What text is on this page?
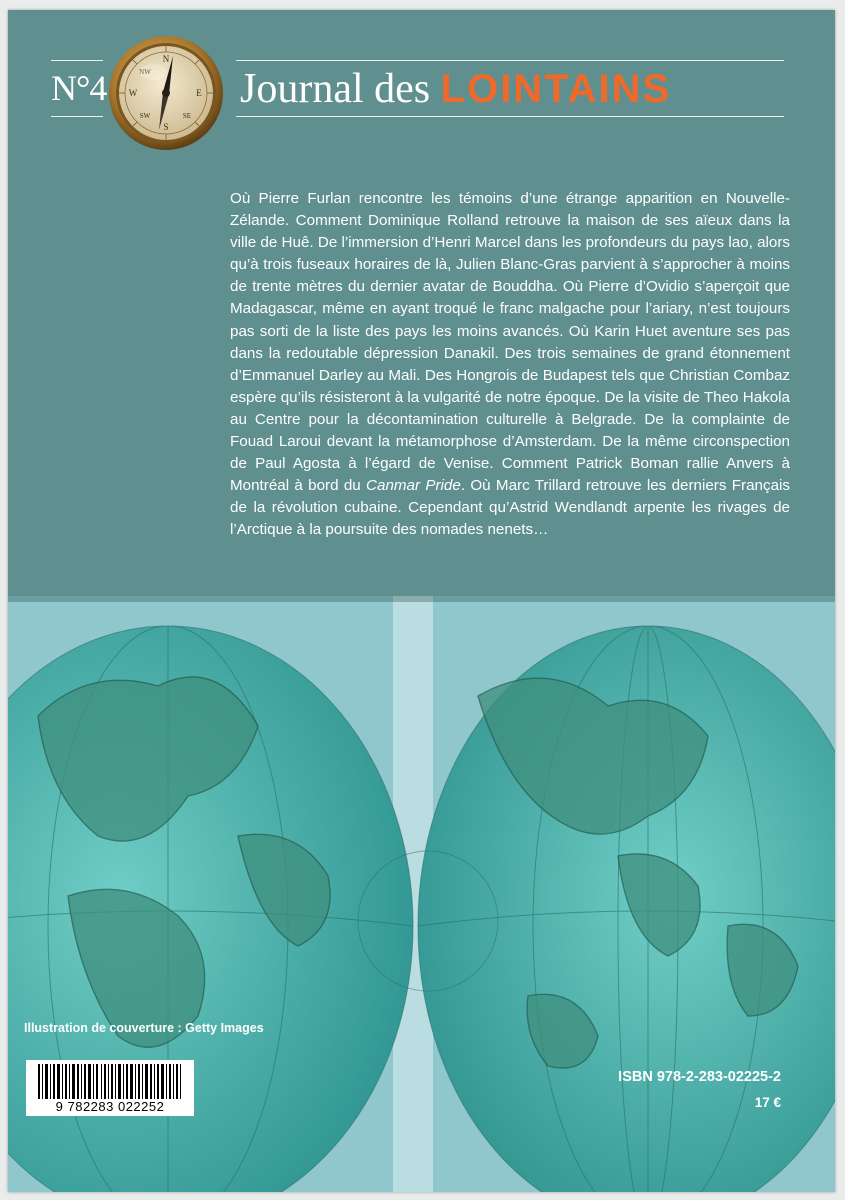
N°4
N
E
S
W
NW
SW	SE
Journal des LOINTAINS
Où Pierre Furlan rencontre les témoins d’une étrange apparition en Nouvelle-Zélande. Comment Dominique Rolland retrouve la maison de ses aïeux dans la ville de Huê. De l’immersion d’Henri Marcel dans les profondeurs du pays lao, alors qu’à trois fuseaux horaires de là, Julien Blanc-Gras parvient à s’approcher à moins de trente mètres du dernier avatar de Bouddha. Où Pierre d’Ovidio s’aperçoit que Madagascar, même en ayant troqué le franc malgache pour l’ariary, n’est toujours pas sorti de la liste des pays les moins avancés. Où Karin Huet aventure ses pas dans la redoutable dépression Danakil. Des trois semaines de grand étonnement d’Emmanuel Darley au Mali. Des Hongrois de Budapest tels que Christian Combaz espère qu’ils résisteront à la vulgarité de notre époque. De la visite de Theo Hakola au Centre pour la décontamination culturelle à Belgrade. De la complainte de Fouad Laroui devant la métamorphose d’Amsterdam. De la même circonspection de Paul Agosta à l’égard de Venise. Comment Patrick Boman rallie Anvers à Montréal à bord du Canmar Pride. Où Marc Trillard retrouve les derniers Français de la révolution cubaine. Cependant qu’Astrid Wendlandt arpente les rivages de l’Arctique à la poursuite des nomades nenets…
Illustration de couverture : Getty Images
9 782283 022252
ISBN 978-2-283-02225-2
17 €
